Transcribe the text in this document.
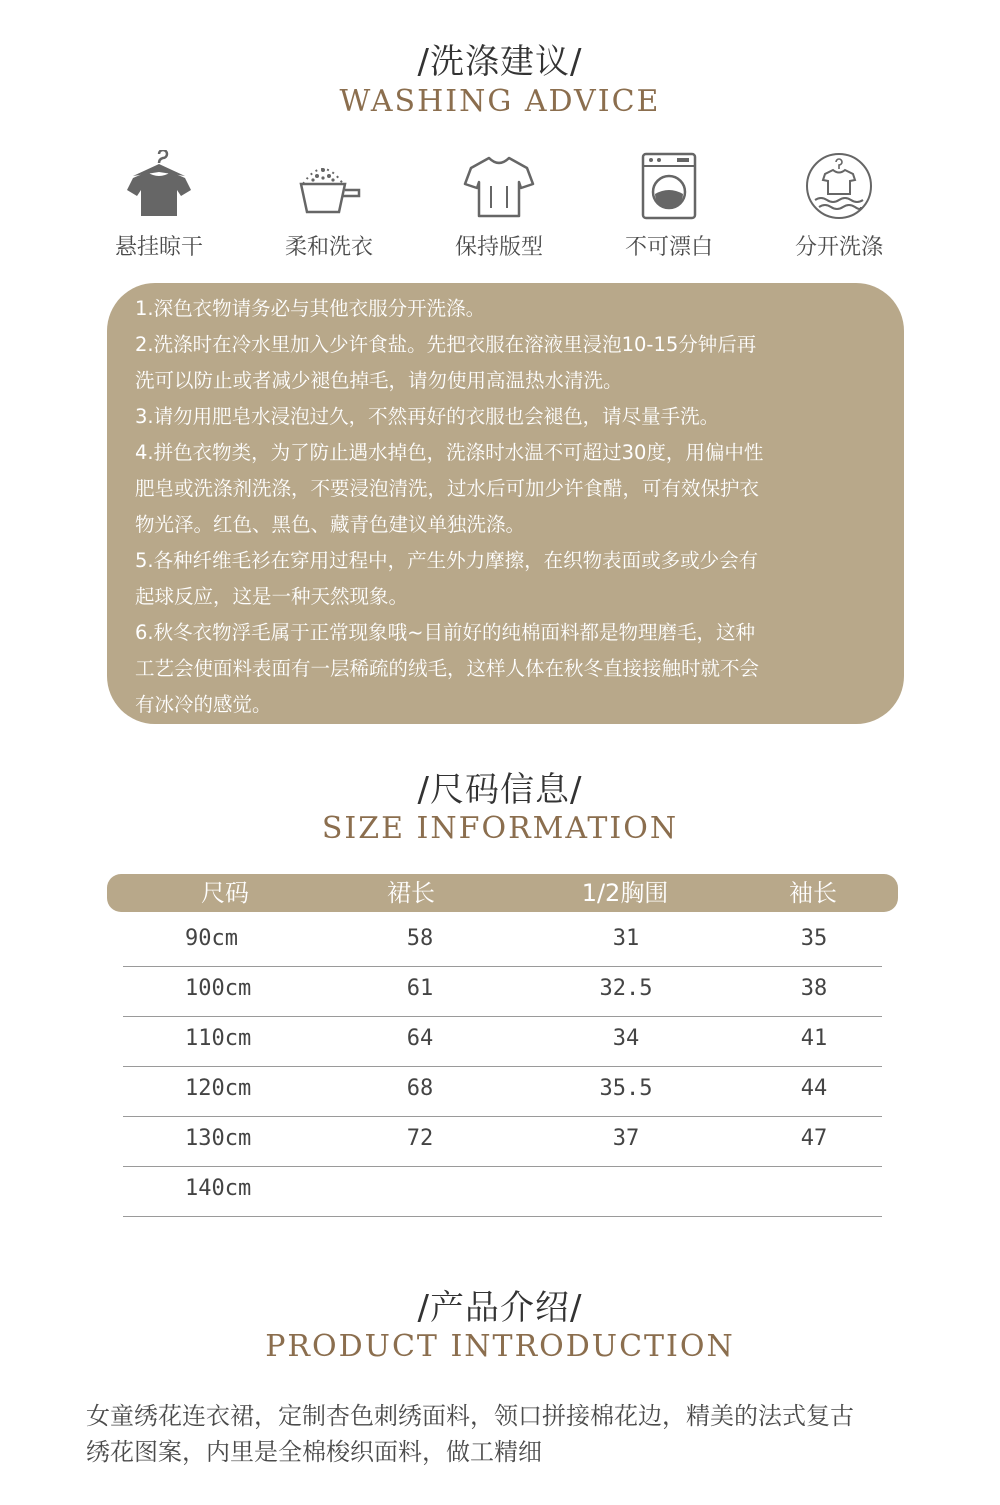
/洗涤建议/
WASHING ADVICE
悬挂晾干	柔和洗衣	保持版型	不可漂白	分开洗涤
1.深色衣物请务必与其他衣服分开洗涤。
2.洗涤时在冷水里加入少许食盐。先把衣服在溶液里浸泡10-15分钟后再
洗可以防止或者减少褪色掉毛，请勿使用高温热水清洗。
3.请勿用肥皂水浸泡过久，不然再好的衣服也会褪色，请尽量手洗。
4.拼色衣物类，为了防止遇水掉色，洗涤时水温不可超过30度，用偏中性
肥皂或洗涤剂洗涤，不要浸泡清洗，过水后可加少许食醋，可有效保护衣
物光泽。红色、黑色、藏青色建议单独洗涤。
5.各种纤维毛衫在穿用过程中，产生外力摩擦，在织物表面或多或少会有
起球反应，这是一种天然现象。
6.秋冬衣物浮毛属于正常现象哦~目前好的纯棉面料都是物理磨毛，这种
工艺会使面料表面有一层稀疏的绒毛，这样人体在秋冬直接接触时就不会
有冰冷的感觉。
/尺码信息/
SIZE INFORMATION
尺码	裙长	1/2胸围	袖长
90cm	58	31	35
100cm	61	32.5	38
110cm	64	34	41
120cm	68	35.5	44
130cm	72	37	47
140cm
/产品介绍/
PRODUCT INTRODUCTION
女童绣花连衣裙，定制杏色刺绣面料，领口拼接棉花边，精美的法式复古
绣花图案，内里是全棉梭织面料，做工精细
